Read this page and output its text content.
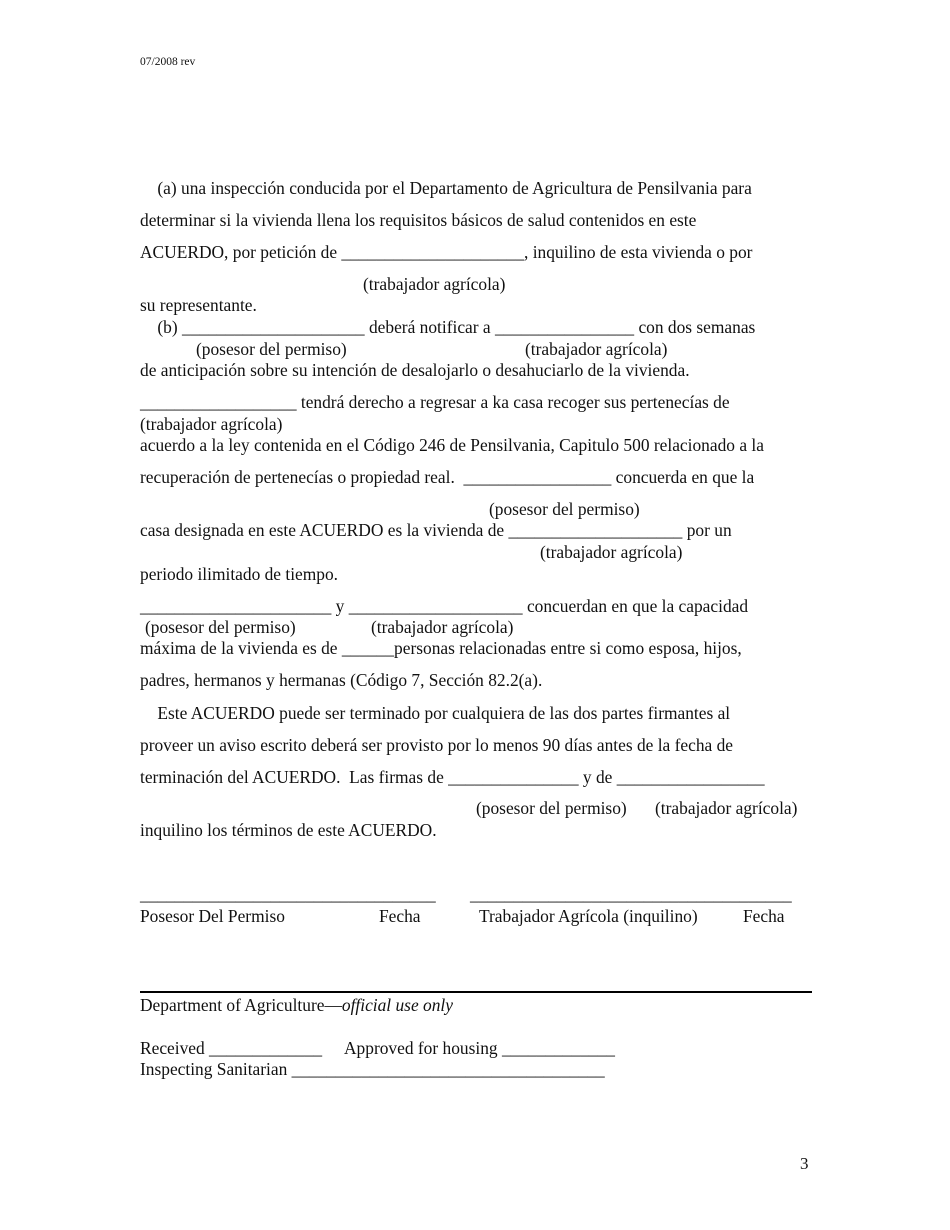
07/2008 rev
(a) una inspección conducida por el Departamento de Agricultura de Pensilvania para
determinar si la vivienda llena los requisitos básicos de salud contenidos en este
ACUERDO, por petición de _____________________, inquilino de esta vivienda o por
(trabajador agrícola)
su representante.
(b) _____________________ deberá notificar a ________________ con dos semanas
(posesor del permiso)	(trabajador agrícola)
de anticipación sobre su intención de desalojarlo o desahuciarlo de la vivienda.
__________________ tendrá derecho a regresar a ka casa recoger sus pertenecías de
(trabajador agrícola)
acuerdo a la ley contenida en el Código 246 de Pensilvania, Capitulo 500 relacionado a la
recuperación de pertenecías o propiedad real.  _________________ concuerda en que la
(posesor del permiso)
casa designada en este ACUERDO es la vivienda de ____________________ por un
(trabajador agrícola)
periodo ilimitado de tiempo.
______________________ y ____________________ concuerdan en que la capacidad
(posesor del permiso)	(trabajador agrícola)
máxima de la vivienda es de ______personas relacionadas entre si como esposa, hijos,
padres, hermanos y hermanas (Código 7, Sección 82.2(a).
Este ACUERDO puede ser terminado por cualquiera de las dos partes firmantes al
proveer un aviso escrito deberá ser provisto por lo menos 90 días antes de la fecha de
terminación del ACUERDO.  Las firmas de _______________ y de _________________
(posesor del permiso) (trabajador agrícola)
inquilino los términos de este ACUERDO.
__________________________________ _____________________________________
Posesor Del Permiso	Fecha	Trabajador Agrícola (inquilino)	Fecha
Department of Agriculture—official use only
Received _____________ Approved for housing _____________
Inspecting Sanitarian ____________________________________
3
